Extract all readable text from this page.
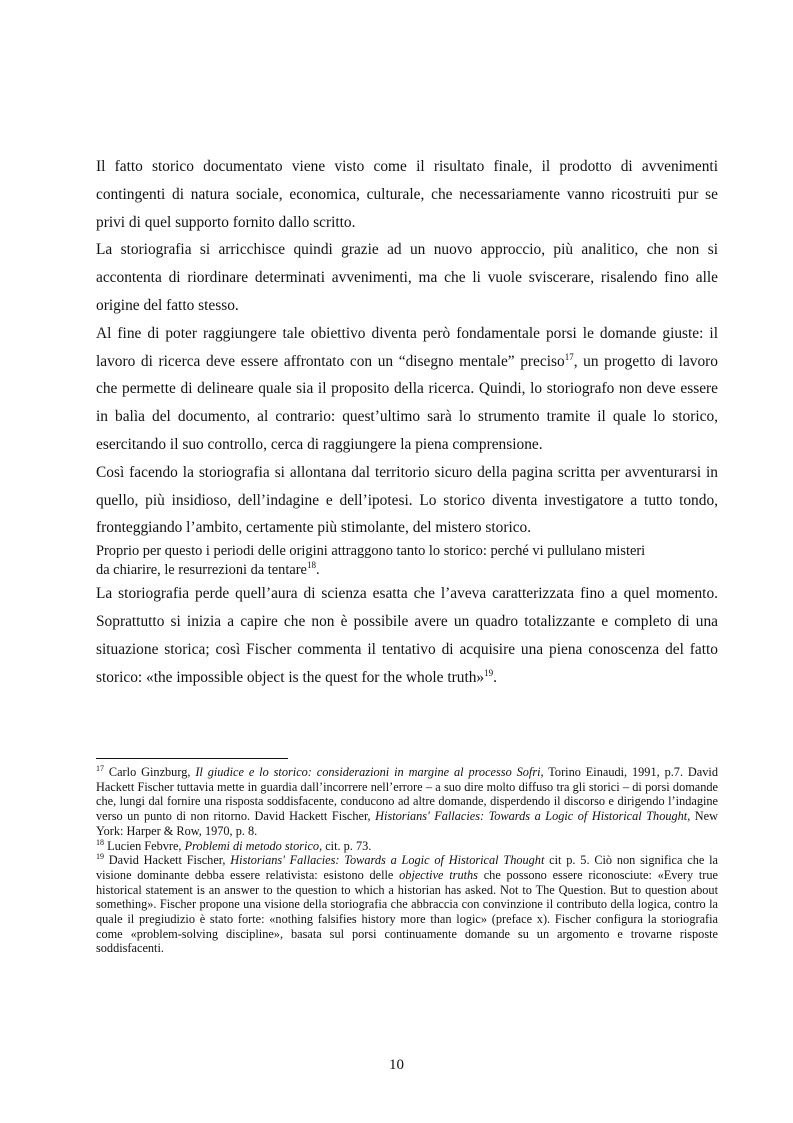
Il fatto storico documentato viene visto come il risultato finale, il prodotto di avvenimenti contingenti di natura sociale, economica, culturale, che necessariamente vanno ricostruiti pur se privi di quel supporto fornito dallo scritto.

La storiografia si arricchisce quindi grazie ad un nuovo approccio, più analitico, che non si accontenta di riordinare determinati avvenimenti, ma che li vuole sviscerare, risalendo fino alle origine del fatto stesso.

Al fine di poter raggiungere tale obiettivo diventa però fondamentale porsi le domande giuste: il lavoro di ricerca deve essere affrontato con un “disegno mentale” preciso$^{17}$, un progetto di lavoro che permette di delineare quale sia il proposito della ricerca. Quindi, lo storiografo non deve essere in balìa del documento, al contrario: quest’ultimo sarà lo strumento tramite il quale lo storico, esercitando il suo controllo, cerca di raggiungere la piena comprensione.

Così facendo la storiografia si allontana dal territorio sicuro della pagina scritta per avventurarsi in quello, più insidioso, dell’indagine e dell’ipotesi. Lo storico diventa investigatore a tutto tondo, fronteggiando l’ambito, certamente più stimolante, del mistero storico.

Proprio per questo i periodi delle origini attraggono tanto lo storico: perché vi pullulano misteri da chiarire, le resurrezioni da tentare$^{18}$.

La storiografia perde quell’aura di scienza esatta che l’aveva caratterizzata fino a quel momento. Soprattutto si inizia a capire che non è possibile avere un quadro totalizzante e completo di una situazione storica; così Fischer commenta il tentativo di acquisire una piena conoscenza del fatto storico: «the impossible object is the quest for the whole truth»$^{19}$.

$^{17}$ Carlo Ginzburg, Il giudice e lo storico: considerazioni in margine al processo Sofri, Torino Einaudi, 1991, p.7. David Hackett Fischer tuttavia mette in guardia dall’incorrere nell’errore – a suo dire molto diffuso tra gli storici – di porsi domande che, lungi dal fornire una risposta soddisfacente, conducono ad altre domande, disperdendo il discorso e dirigendo l’indagine verso un punto di non ritorno. David Hackett Fischer, Historians' Fallacies: Towards a Logic of Historical Thought, New York: Harper & Row, 1970, p. 8.

$^{18}$ Lucien Febvre, Problemi di metodo storico, cit. p. 73.

$^{19}$ David Hackett Fischer, Historians' Fallacies: Towards a Logic of Historical Thought cit p. 5. Ciò non significa che la visione dominante debba essere relativista: esistono delle objective truths che possono essere riconosciute: «Every true historical statement is an answer to the question to which a historian has asked. Not to The Question. But to question about something». Fischer propone una visione della storiografia che abbraccia con convinzione il contributo della logica, contro la quale il pregiudizio è stato forte: «nothing falsifies history more than logic» (preface x). Fischer configura la storiografia come «problem-solving discipline», basata sul porsi continuamente domande su un argomento e trovarne risposte soddisfacenti.

10
